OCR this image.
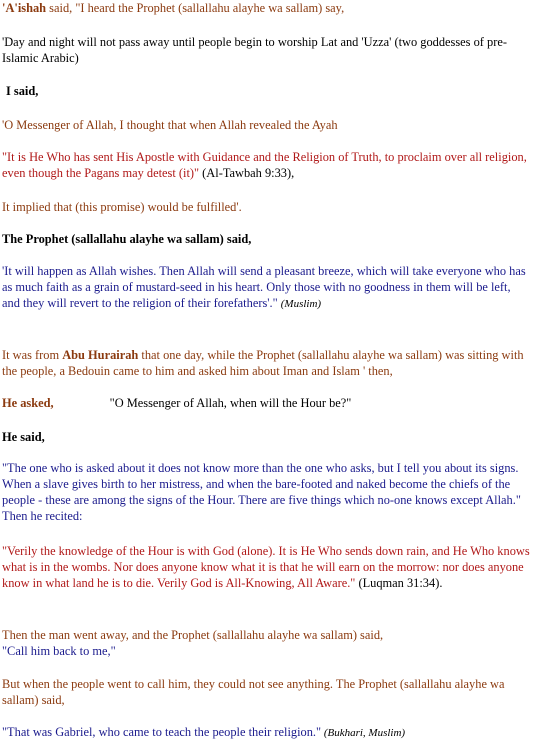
'A'ishah said, "I heard the Prophet (sallallahu alayhe wa sallam) say,

'Day and night will not pass away until people begin to worship Lat and 'Uzza' (two goddesses of pre-Islamic Arabic)

I said,

'O Messenger of Allah, I thought that when Allah revealed the Ayah

"It is He Who has sent His Apostle with Guidance and the Religion of Truth, to proclaim over all religion, even though the Pagans may detest (it)" (Al-Tawbah 9:33),

It implied that (this promise) would be fulfilled'.

The Prophet (sallallahu alayhe wa sallam) said,

'It will happen as Allah wishes. Then Allah will send a pleasant breeze, which will take everyone who has as much faith as a grain of mustard-seed in his heart. Only those with no goodness in them will be left, and they will revert to the religion of their forefathers'." (Muslim)

It was from Abu Hurairah that one day, while the Prophet (sallallahu alayhe wa sallam) was sitting with the people, a Bedouin came to him and asked him about Iman and Islam ' then,

He asked,	"O Messenger of Allah, when will the Hour be?"

He said,

"The one who is asked about it does not know more than the one who asks, but I tell you about its signs. When a slave gives birth to her mistress, and when the bare-footed and naked become the chiefs of the people - these are among the signs of the Hour. There are five things which no-one knows except Allah." Then he recited:

"Verily the knowledge of the Hour is with God (alone). It is He Who sends down rain, and He Who knows what is in the wombs. Nor does anyone know what it is that he will earn on the morrow: nor does anyone know in what land he is to die. Verily God is All-Knowing, All Aware." (Luqman 31:34).

Then the man went away, and the Prophet (sallallahu alayhe wa sallam) said,
"Call him back to me,"

But when the people went to call him, they could not see anything. The Prophet (sallallahu alayhe wa sallam) said,

"That was Gabriel, who came to teach the people their religion." (Bukhari, Muslim)
